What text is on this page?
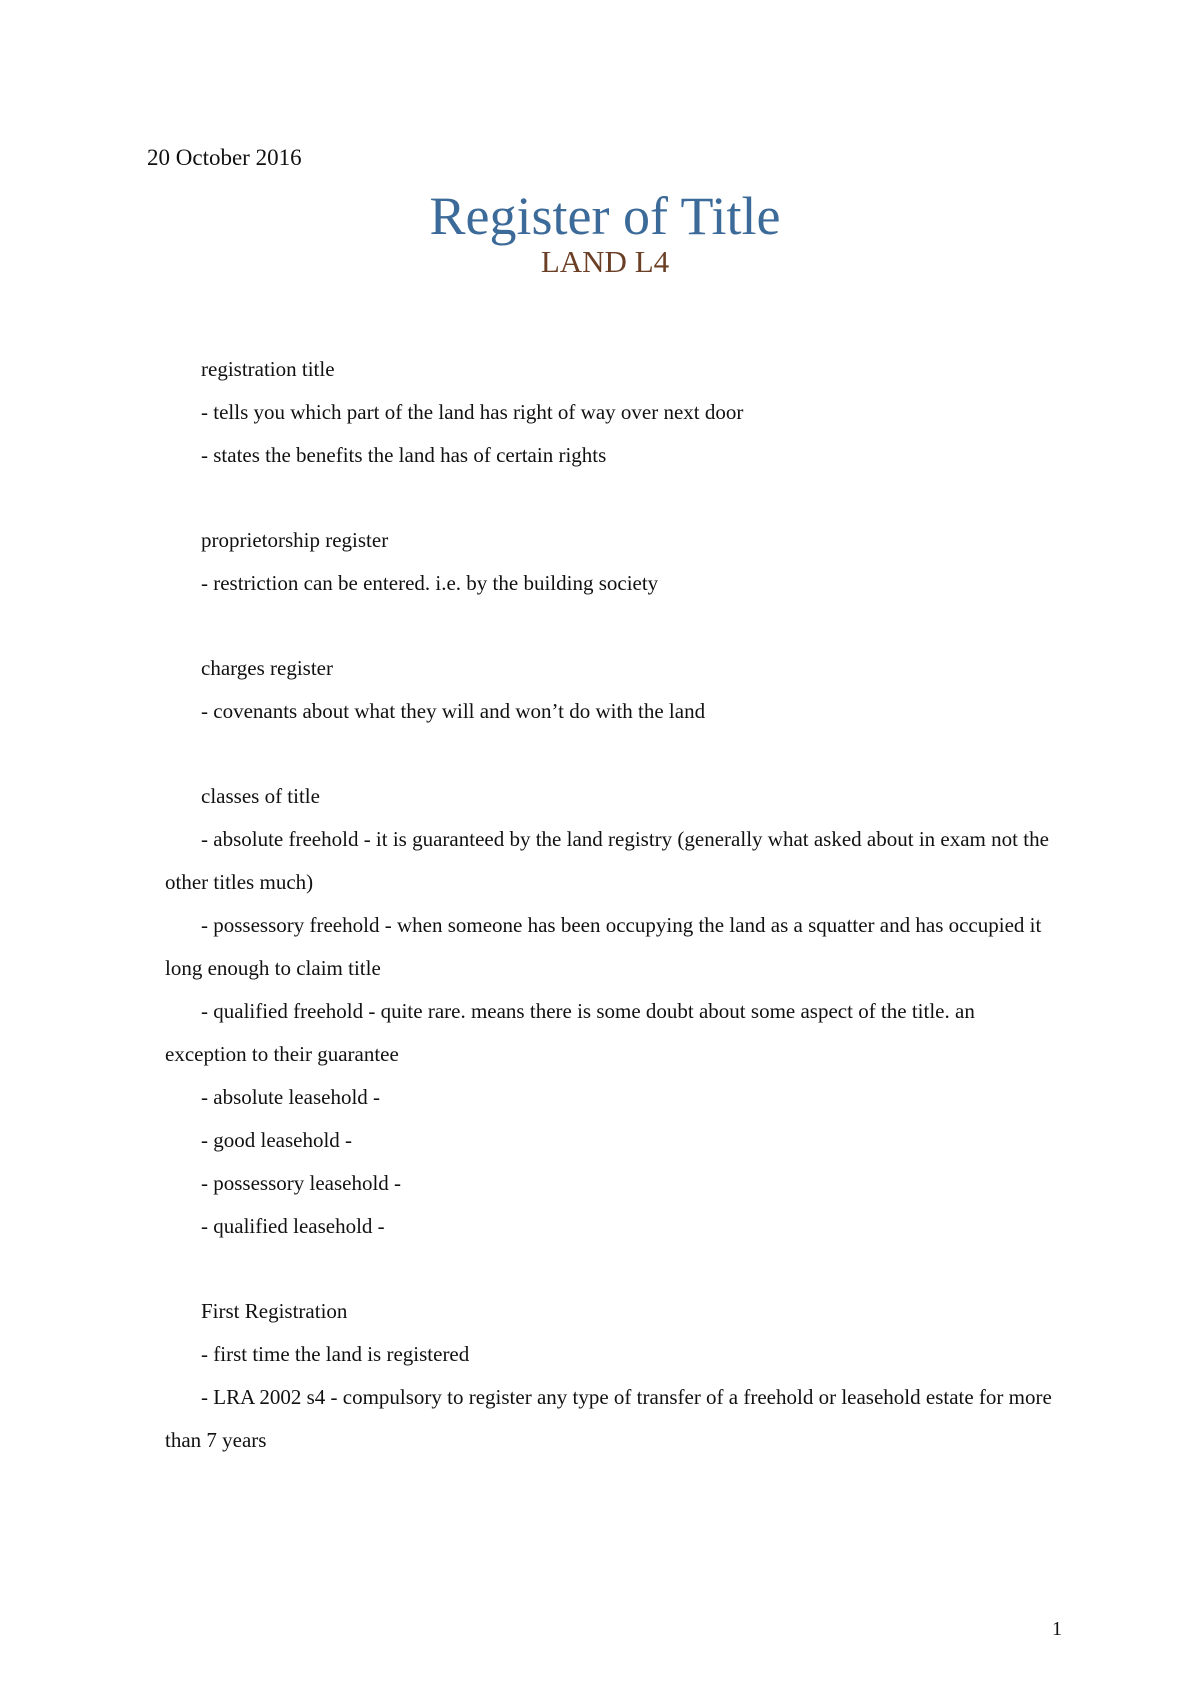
20 October 2016
Register of Title
LAND L4
registration title
- tells you which part of the land has right of way over next door
- states the benefits the land has of certain rights
proprietorship register
- restriction can be entered. i.e. by the building society
charges register
- covenants about what they will and won’t do with the land
classes of title
- absolute freehold - it is guaranteed by the land registry (generally what asked about in exam not the other titles much)
- possessory freehold - when someone has been occupying the land as a squatter and has occupied it long enough to claim title
- qualified freehold - quite rare. means there is some doubt about some aspect of the title. an exception to their guarantee
- absolute leasehold -
- good leasehold -
- possessory leasehold -
- qualified leasehold -
First Registration
- first time the land is registered
- LRA 2002 s4 - compulsory to register any type of transfer of a freehold or leasehold estate for more than 7 years
1
